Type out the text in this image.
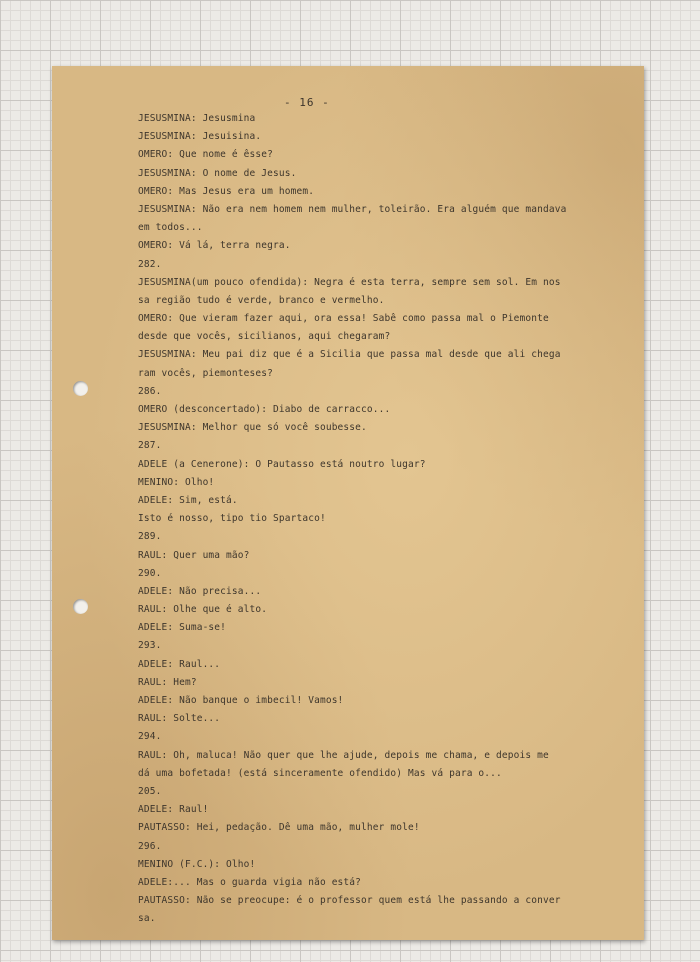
- 16 -
JESUSMINA: Jesusmina
JESUSMINA: Jesuisina.
OMERO: Que nome é êsse?
JESUSMINA: O nome de Jesus.
OMERO: Mas Jesus era um homem.
JESUSMINA: Não era nem homem nem mulher, toleirão. Era alguém que mandava
em todos...
OMERO: Vá lá, terra negra.
282.
JESUSMINA(um pouco ofendida): Negra é esta terra, sempre sem sol. Em nos
sa região tudo é verde, branco e vermelho.
OMERO: Que vieram fazer aqui, ora essa! Sabê como passa mal o Piemonte
desde que vocês, sicilianos, aqui chegaram?
JESUSMINA: Meu pai diz que é a Sicilia que passa mal desde que ali chega
ram vocês, piemonteses?
286.
OMERO (desconcertado): Diabo de carracco...
JESUSMINA: Melhor que só você soubesse.
287.
ADELE (a Cenerone): O Pautasso está noutro lugar?
MENINO: Olho!
ADELE: Sim, está.
Isto é nosso, tipo tio Spartaco!
289.
RAUL: Quer uma mão?
290.
ADELE: Não precisa...
RAUL: Olhe que é alto.
ADELE: Suma-se!
293.
ADELE: Raul...
RAUL: Hem?
ADELE: Não banque o imbecil! Vamos!
RAUL: Solte...
294.
RAUL: Oh, maluca! Não quer que lhe ajude, depois me chama, e depois me
dá uma bofetada! (está sinceramente ofendido) Mas vá para o...
205.
ADELE: Raul!
PAUTASSO: Hei, pedação. Dê uma mão, mulher mole!
296.
MENINO (F.C.): Olho!
ADELE:... Mas o guarda vigia não está?
PAUTASSO: Não se preocupe: é o professor quem está lhe passando a conver
sa.
